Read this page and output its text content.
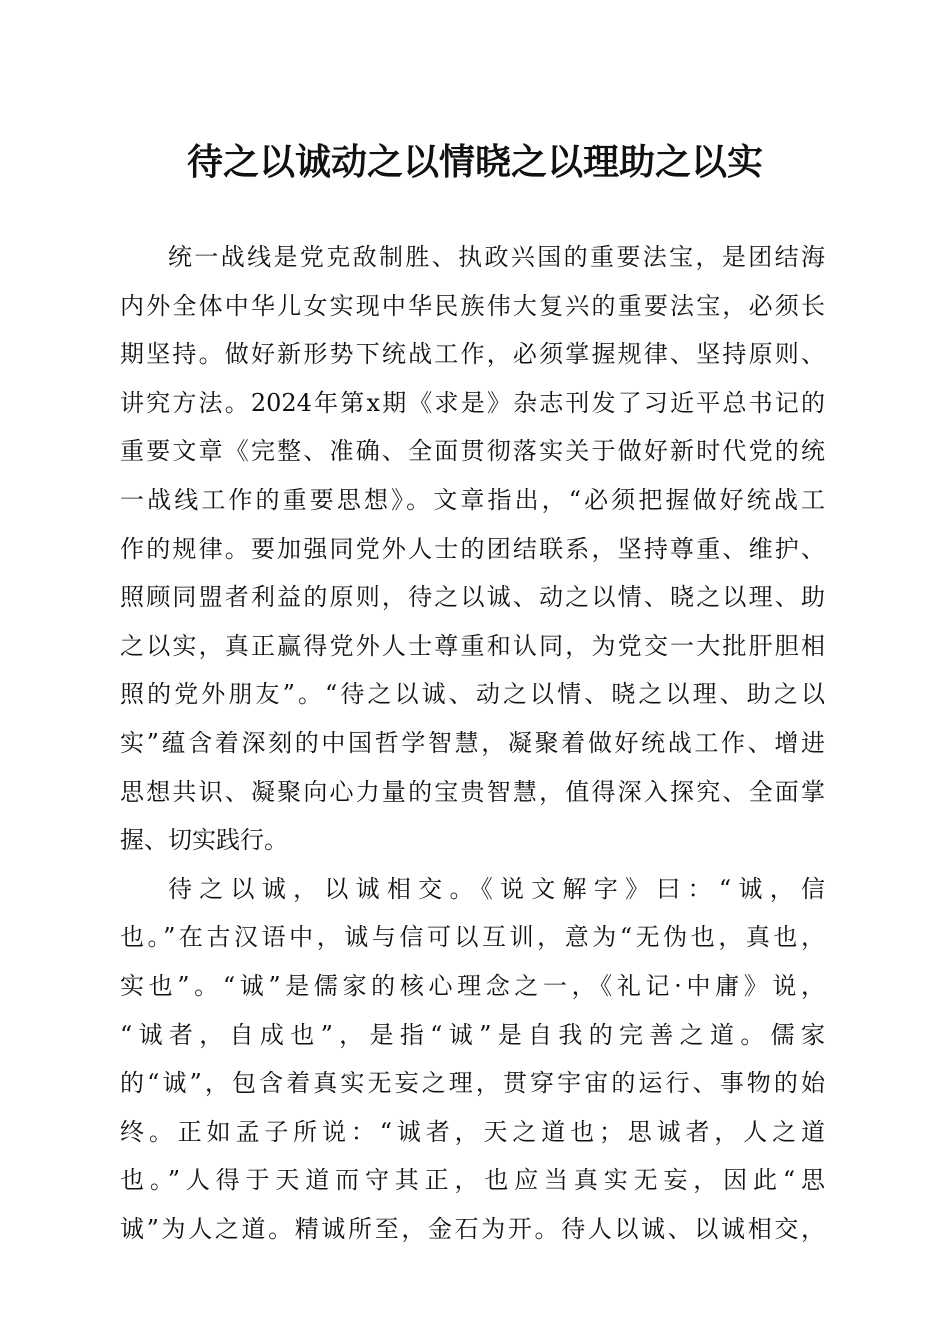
待之以诚动之以情晓之以理助之以实

统一战线是党克敌制胜、执政兴国的重要法宝，是团结海
内外全体中华儿女实现中华民族伟大复兴的重要法宝，必须长
期坚持。做好新形势下统战工作，必须掌握规律、坚持原则、
讲究方法。2024年第x期《求是》杂志刊发了习近平总书记的
重要文章《完整、准确、全面贯彻落实关于做好新时代党的统
一战线工作的重要思想》。文章指出，“必须把握做好统战工
作的规律。要加强同党外人士的团结联系，坚持尊重、维护、
照顾同盟者利益的原则，待之以诚、动之以情、晓之以理、助
之以实，真正赢得党外人士尊重和认同，为党交一大批肝胆相
照的党外朋友”。“待之以诚、动之以情、晓之以理、助之以
实”蕴含着深刻的中国哲学智慧，凝聚着做好统战工作、增进
思想共识、凝聚向心力量的宝贵智慧，值得深入探究、全面掌
握、切实践行。

待之以诚，以诚相交。《说文解字》曰：“诚，信
也。”在古汉语中，诚与信可以互训，意为“无伪也，真也，
实也”。“诚”是儒家的核心理念之一，《礼记·中庸》说，
“诚者，自成也”，是指“诚”是自我的完善之道。儒家
的“诚”，包含着真实无妄之理，贯穿宇宙的运行、事物的始
终。正如孟子所说：“诚者，天之道也；思诚者，人之道
也。”人得于天道而守其正，也应当真实无妄，因此“思
诚”为人之道。精诚所至，金石为开。待人以诚、以诚相交，
